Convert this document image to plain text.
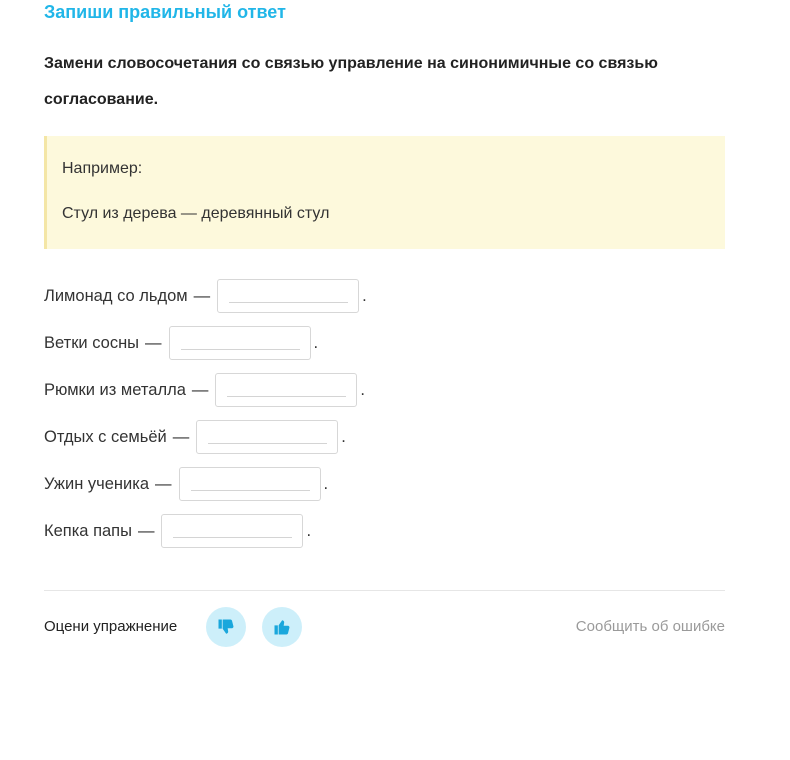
Запиши правильный ответ
Замени словосочетания со связью управление на синонимичные со связью согласование.
Например:
Стул из дерева — деревянный стул
Лимонад со льдом —	.
Ветки сосны —	.
Рюмки из металла —	.
Отдых с семьёй —	.
Ужин ученика —	.
Кепка папы —	.
Оцени упражнение	Сообщить об ошибке
